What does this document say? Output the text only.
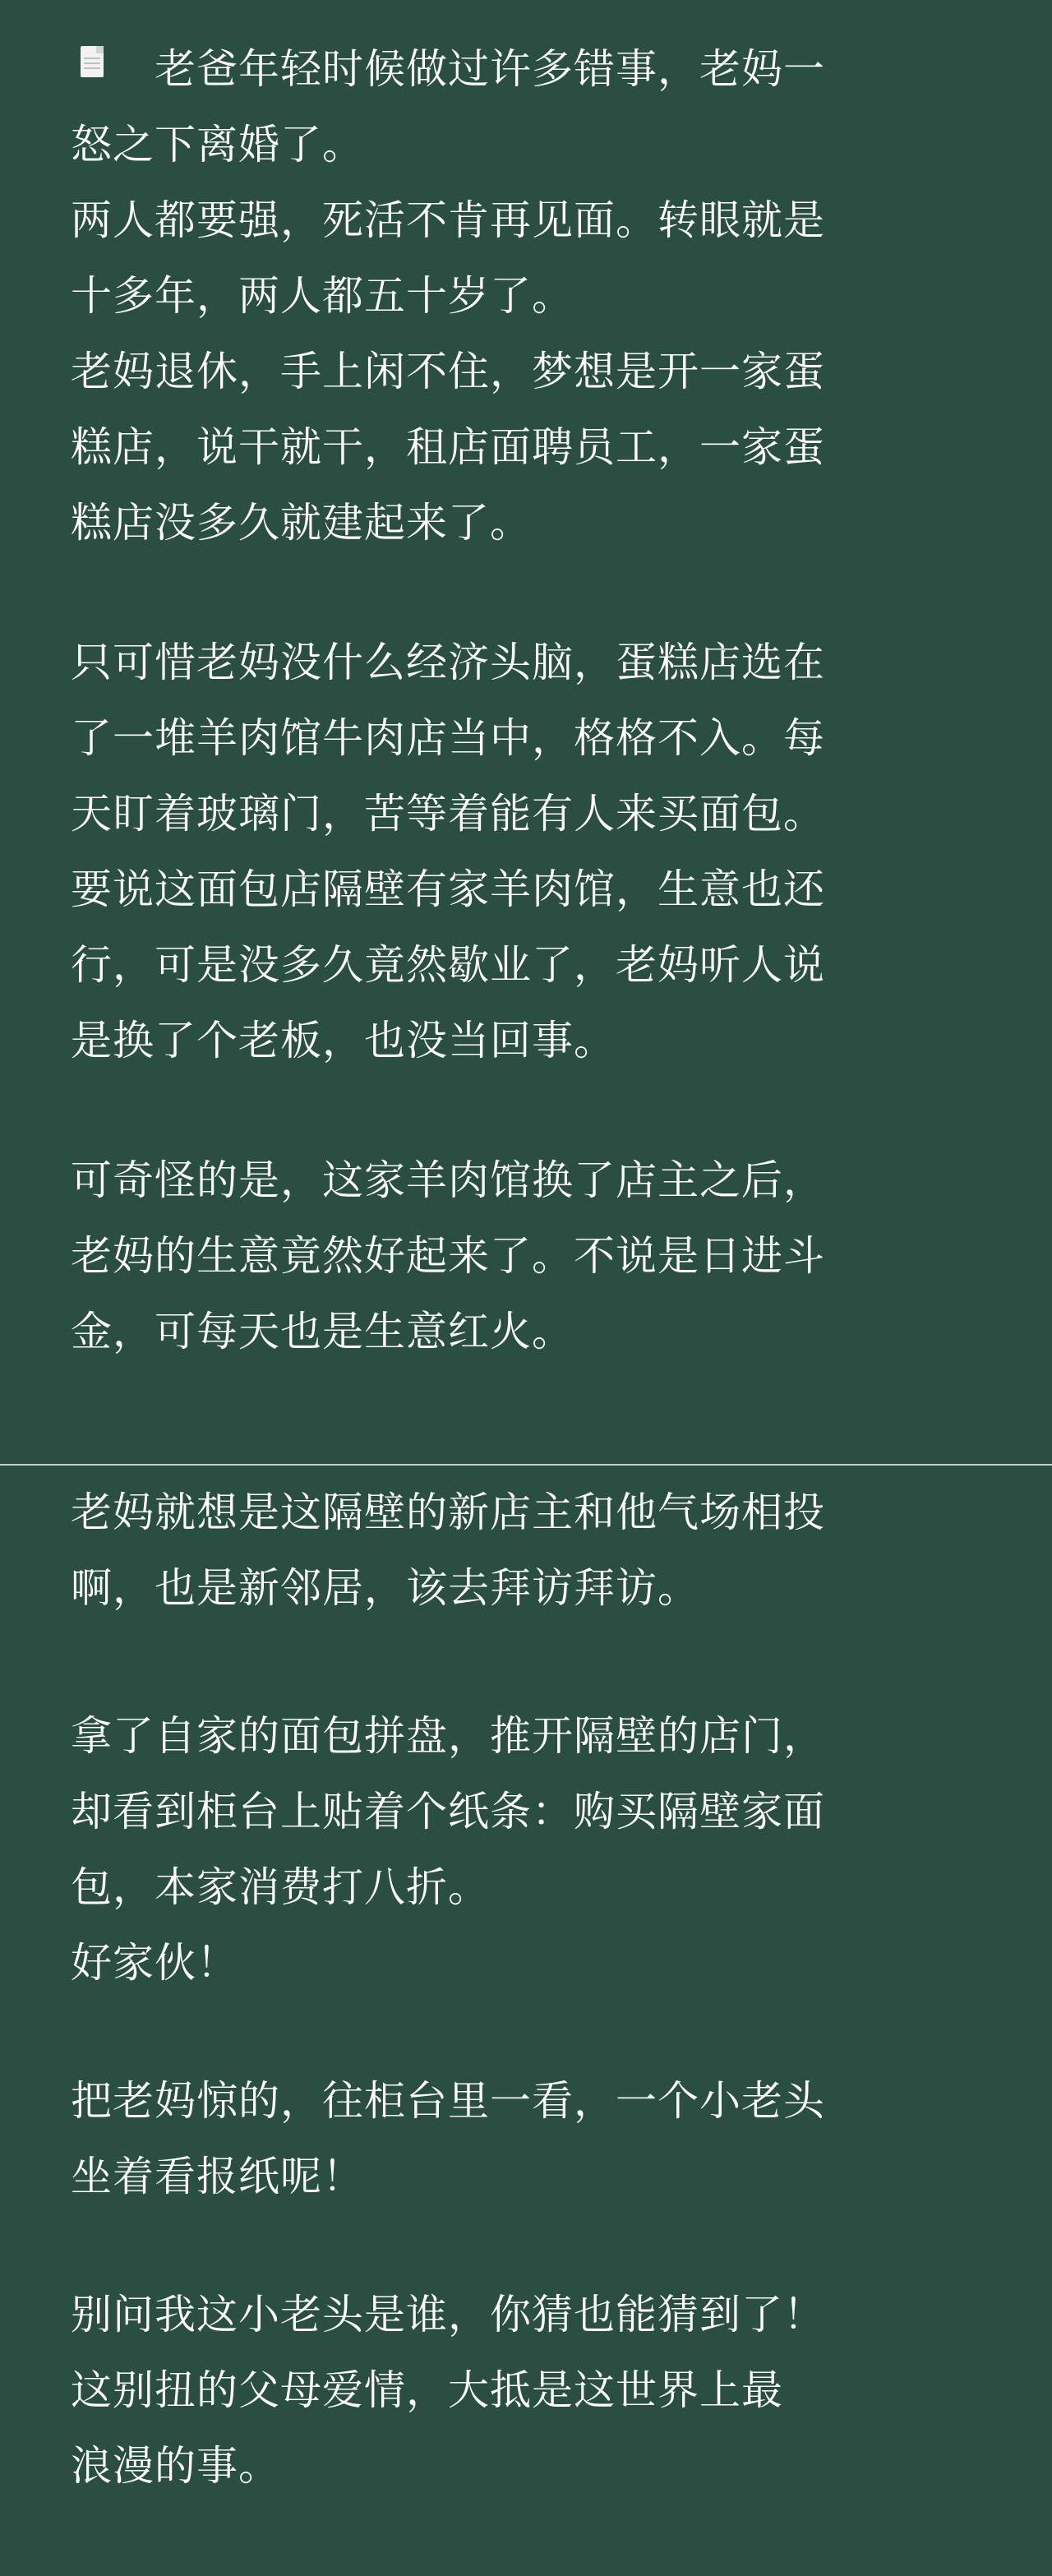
老爸年轻时候做过许多错事，老妈一
怒之下离婚了。
两人都要强，死活不肯再见面。转眼就是
十多年，两人都五十岁了。
老妈退休，手上闲不住，梦想是开一家蛋
糕店，说干就干，租店面聘员工，一家蛋
糕店没多久就建起来了。
只可惜老妈没什么经济头脑，蛋糕店选在
了一堆羊肉馆牛肉店当中，格格不入。每
天盯着玻璃门，苦等着能有人来买面包。
要说这面包店隔壁有家羊肉馆，生意也还
行，可是没多久竟然歇业了，老妈听人说
是换了个老板，也没当回事。
可奇怪的是，这家羊肉馆换了店主之后，
老妈的生意竟然好起来了。不说是日进斗
金，可每天也是生意红火。
老妈就想是这隔壁的新店主和他气场相投
啊，也是新邻居，该去拜访拜访。
拿了自家的面包拼盘，推开隔壁的店门，
却看到柜台上贴着个纸条：购买隔壁家面
包，本家消费打八折。
好家伙！
把老妈惊的，往柜台里一看，一个小老头
坐着看报纸呢！
别问我这小老头是谁，你猜也能猜到了！
这别扭的父母爱情，大抵是这世界上最
浪漫的事。
